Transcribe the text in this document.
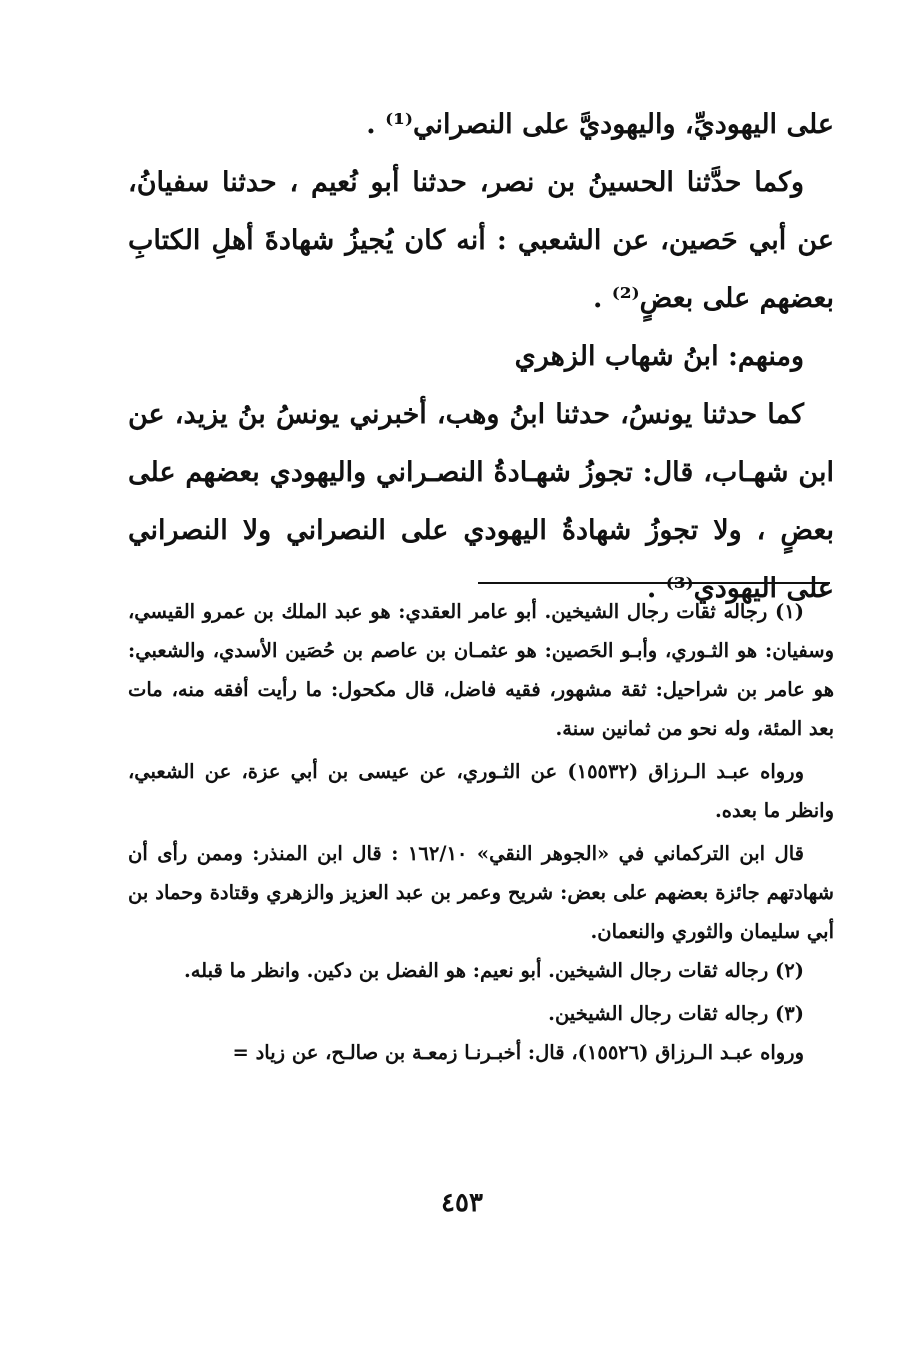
على اليهوديِّ، واليهوديَّ على النصراني⁽¹⁾ .

وكما حدَّثنا الحسينُ بن نصر، حدثنا أبو نُعيم ، حدثنا سفيانُ، عن أبي حَصين، عن الشعبي : أنه كان يُجيزُ شهادةَ أهلِ الكتابِ بعضهم على بعضٍ⁽²⁾ .

ومنهم: ابنُ شهاب الزهري

كما حدثنا يونسُ، حدثنا ابنُ وهب، أخبرني يونسُ بنُ يزيد، عن ابن شهـاب، قال: تجوزُ شهـادةُ النصـراني واليهودي بعضهم على بعضٍ ، ولا تجوزُ شهادةُ اليهودي على النصراني ولا النصراني على اليهودي⁽³⁾ .

(١) رجاله ثقات رجال الشيخين. أبو عامر العقدي: هو عبد الملك بن عمرو القيسي، وسفيان: هو الثـوري، وأبـو الحَصين: هو عثمـان بن عاصم بن حُصَين الأسدي، والشعبي: هو عامر بن شراحيل: ثقة مشهور، فقيه فاضل، قال مكحول: ما رأيت أفقه منه، مات بعد المئة، وله نحو من ثمانين سنة.

ورواه عبـد الـرزاق (١٥٥٣٢) عن الثـوري، عن عيسى بن أبي عزة، عن الشعبي، وانظر ما بعده.

قال ابن التركماني في «الجوهر النقي» ١٦٢/١٠ : قال ابن المنذر: وممن رأى أن شهادتهم جائزة بعضهم على بعض: شريح وعمر بن عبد العزيز والزهري وقتادة وحماد بن أبي سليمان والثوري والنعمان.

(٢) رجاله ثقات رجال الشيخين. أبو نعيم: هو الفضل بن دكين. وانظر ما قبله.

(٣) رجاله ثقات رجال الشيخين.

ورواه عبـد الـرزاق (١٥٥٢٦)، قال: أخبـرنـا زمعـة بن صالـح، عن زياد =

٤٥٣
